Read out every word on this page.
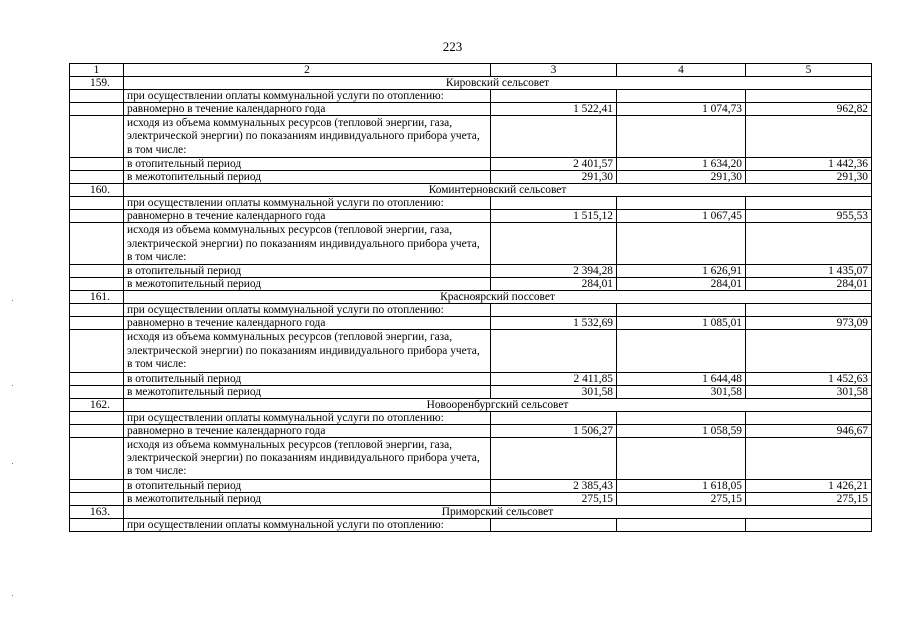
223
1	2	3	4	5
159.	Кировский сельсовет			
	при осуществлении оплаты коммунальной услуги по отоплению:			
	равномерно в течение календарного года	1 522,41	1 074,73	962,82
	исходя из объема коммунальных ресурсов (тепловой энергии, газа, электрической энергии) по показаниям индивидуального прибора учета, в том числе:			
	в отопительный период	2 401,57	1 634,20	1 442,36
	в межотопительный период	291,30	291,30	291,30
160.	Коминтерновский сельсовет			
	при осуществлении оплаты коммунальной услуги по отоплению:			
	равномерно в течение календарного года	1 515,12	1 067,45	955,53
	исходя из объема коммунальных ресурсов (тепловой энергии, газа, электрической энергии) по показаниям индивидуального прибора учета, в том числе:			
	в отопительный период	2 394,28	1 626,91	1 435,07
	в межотопительный период	284,01	284,01	284,01
161.	Красноярский поссовет			
	при осуществлении оплаты коммунальной услуги по отоплению:			
	равномерно в течение календарного года	1 532,69	1 085,01	973,09
	исходя из объема коммунальных ресурсов (тепловой энергии, газа, электрической энергии) по показаниям индивидуального прибора учета, в том числе:			
	в отопительный период	2 411,85	1 644,48	1 452,63
	в межотопительный период	301,58	301,58	301,58
162.	Новооренбургский сельсовет			
	при осуществлении оплаты коммунальной услуги по отоплению:			
	равномерно в течение календарного года	1 506,27	1 058,59	946,67
	исходя из объема коммунальных ресурсов (тепловой энергии, газа, электрической энергии) по показаниям индивидуального прибора учета, в том числе:			
	в отопительный период	2 385,43	1 618,05	1 426,21
	в межотопительный период	275,15	275,15	275,15
163.	Приморский сельсовет			
	при осуществлении оплаты коммунальной услуги по отоплению:			
